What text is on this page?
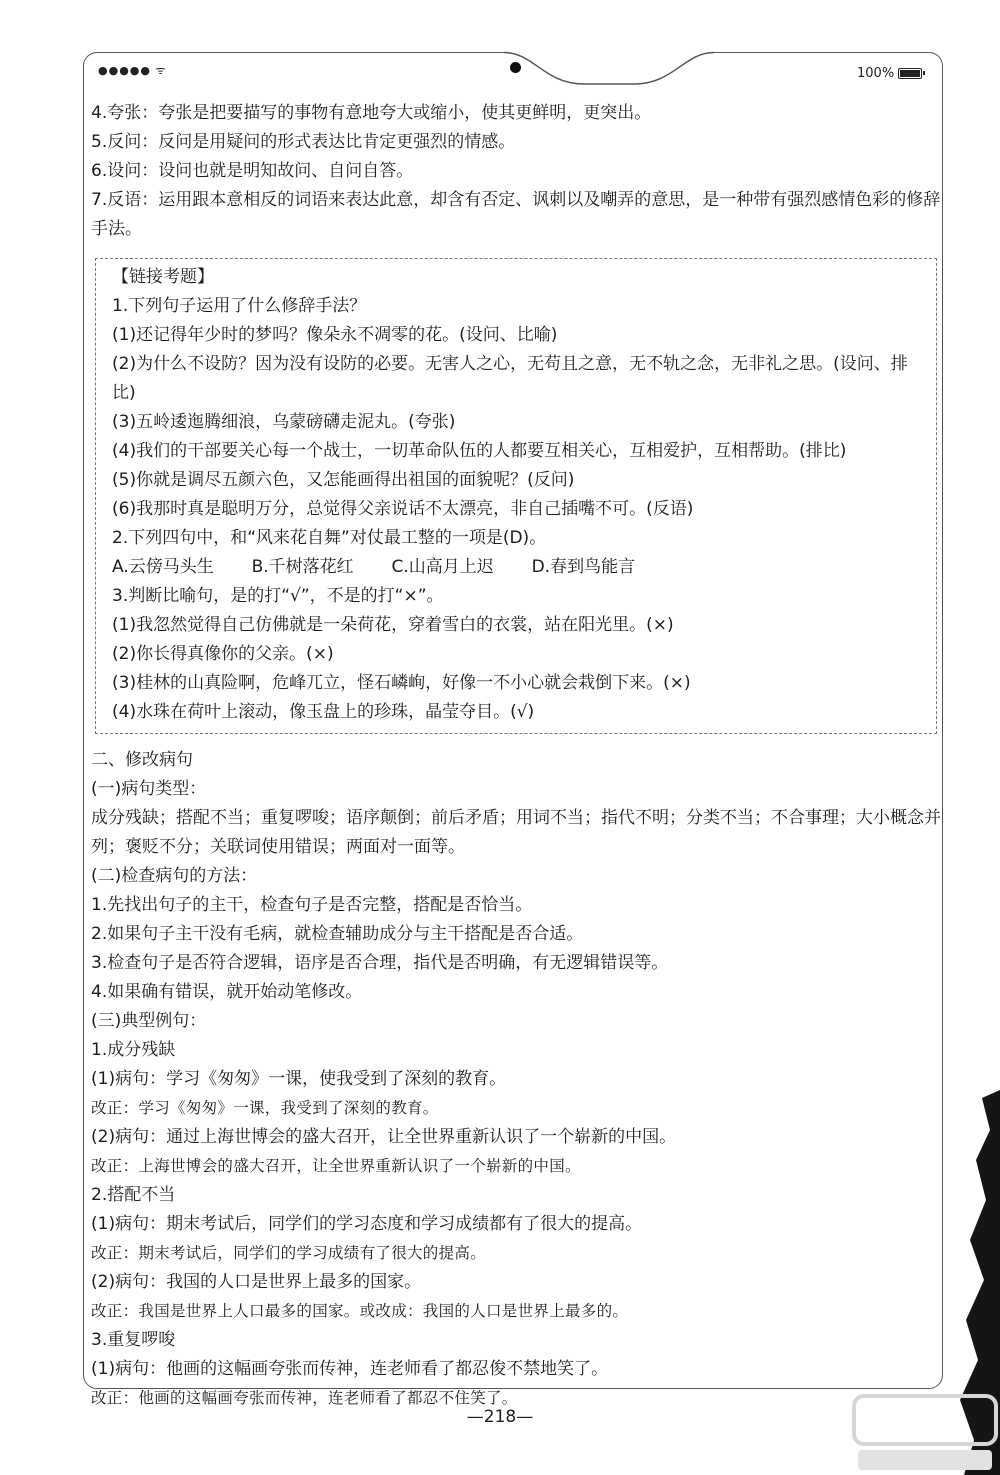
●●●●● ᯤ	100%
4.夸张：夸张是把要描写的事物有意地夸大或缩小，使其更鲜明，更突出。
5.反问：反问是用疑问的形式表达比肯定更强烈的情感。
6.设问：设问也就是明知故问、自问自答。
7.反语：运用跟本意相反的词语来表达此意，却含有否定、讽刺以及嘲弄的意思，是一种带有强烈感情色彩的修辞手法。
【链接考题】
1.下列句子运用了什么修辞手法？
(1)还记得年少时的梦吗？像朵永不凋零的花。(设问、比喻)
(2)为什么不设防？因为没有设防的必要。无害人之心，无苟且之意，无不轨之念，无非礼之思。(设问、排比)
(3)五岭逶迤腾细浪，乌蒙磅礴走泥丸。(夸张)
(4)我们的干部要关心每一个战士，一切革命队伍的人都要互相关心，互相爱护，互相帮助。(排比)
(5)你就是调尽五颜六色，又怎能画得出祖国的面貌呢？(反问)
(6)我那时真是聪明万分，总觉得父亲说话不太漂亮，非自己插嘴不可。(反语)
2.下列四句中，和“风来花自舞”对仗最工整的一项是(D)。
A.云傍马头生 B.千树落花红 C.山高月上迟 D.春到鸟能言
3.判断比喻句，是的打“√”，不是的打“×”。
(1)我忽然觉得自己仿佛就是一朵荷花，穿着雪白的衣裳，站在阳光里。(×)
(2)你长得真像你的父亲。(×)
(3)桂林的山真险啊，危峰兀立，怪石嶙峋，好像一不小心就会栽倒下来。(×)
(4)水珠在荷叶上滚动，像玉盘上的珍珠，晶莹夺目。(√)
二、修改病句
(一)病句类型：
成分残缺；搭配不当；重复啰唆；语序颠倒；前后矛盾；用词不当；指代不明；分类不当；不合事理；大小概念并列；褒贬不分；关联词使用错误；两面对一面等。
(二)检查病句的方法：
1.先找出句子的主干，检查句子是否完整，搭配是否恰当。
2.如果句子主干没有毛病，就检查辅助成分与主干搭配是否合适。
3.检查句子是否符合逻辑，语序是否合理，指代是否明确，有无逻辑错误等。
4.如果确有错误，就开始动笔修改。
(三)典型例句：
1.成分残缺
(1)病句：学习《匆匆》一课，使我受到了深刻的教育。
改正：学习《匆匆》一课，我受到了深刻的教育。
(2)病句：通过上海世博会的盛大召开，让全世界重新认识了一个崭新的中国。
改正：上海世博会的盛大召开，让全世界重新认识了一个崭新的中国。
2.搭配不当
(1)病句：期末考试后，同学们的学习态度和学习成绩都有了很大的提高。
改正：期末考试后，同学们的学习成绩有了很大的提高。
(2)病句：我国的人口是世界上最多的国家。
改正：我国是世界上人口最多的国家。或改成：我国的人口是世界上最多的。
3.重复啰唆
(1)病句：他画的这幅画夸张而传神，连老师看了都忍俊不禁地笑了。
改正：他画的这幅画夸张而传神，连老师看了都忍不住笑了。
—218—
